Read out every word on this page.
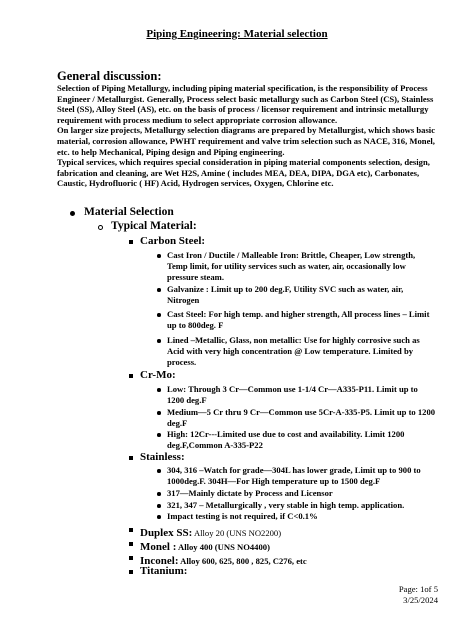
Piping Engineering: Material selection
General discussion:

Selection of Piping Metallurgy, including piping material specification, is the responsibility of Process Engineer / Metallurgist. Generally, Process select basic metallurgy such as Carbon Steel (CS), Stainless Steel (SS), Alloy Steel (AS), etc. on the basis of process / licensor requirement and intrinsic metallurgy requirement with process medium to select appropriate corrosion allowance.

On larger size projects, Metallurgy selection diagrams are prepared by Metallurgist, which shows basic material, corrosion allowance, PWHT requirement and valve trim selection such as NACE, 316, Monel, etc. to help Mechanical, Piping design and Piping engineering.

Typical services, which requires special consideration in piping material components selection, design, fabrication and cleaning, are Wet H2S, Amine ( includes MEA, DEA, DIPA, DGA etc), Carbonates, Caustic, Hydrofluoric ( HF) Acid, Hydrogen services, Oxygen, Chlorine etc.

Material Selection
Typical Material:
Carbon Steel:
Cast Iron / Ductile / Malleable Iron: Brittle, Cheaper, Low strength, Temp limit, for utility services such as water, air, occasionally low pressure steam.
Galvanize : Limit up to 200 deg.F, Utility SVC such as water, air, Nitrogen
Cast Steel: For high temp. and higher strength, All process lines – Limit up to 800deg. F
Lined –Metallic, Glass, non metallic: Use for highly corrosive such as Acid with very high concentration @ Low temperature. Limited by process.
Cr-Mo:
Low: Through 3 Cr—Common use 1-1/4 Cr—A335-P11. Limit up to 1200 deg.F
Medium—5 Cr thru 9 Cr—Common use 5Cr-A-335-P5. Limit up to 1200 deg.F
High: 12Cr---Limited use due to cost and availability. Limit 1200 deg.F,Common A-335-P22
Stainless:
304, 316 –Watch for grade—304L has lower grade, Limit up to 900 to 1000deg.F. 304H—For High temperature up to 1500 deg.F
317—Mainly dictate by Process and Licensor
321, 347 – Metallurgically , very stable in high temp. application.
Impact testing is not required, if C<0.1%
Duplex SS: Alloy 20 (UNS NO2200)
Monel : Alloy 400 (UNS NO4400)
Inconel: Alloy 600, 625, 800 , 825, C276, etc
Titanium:
Page: 1of 5
3/25/2024
